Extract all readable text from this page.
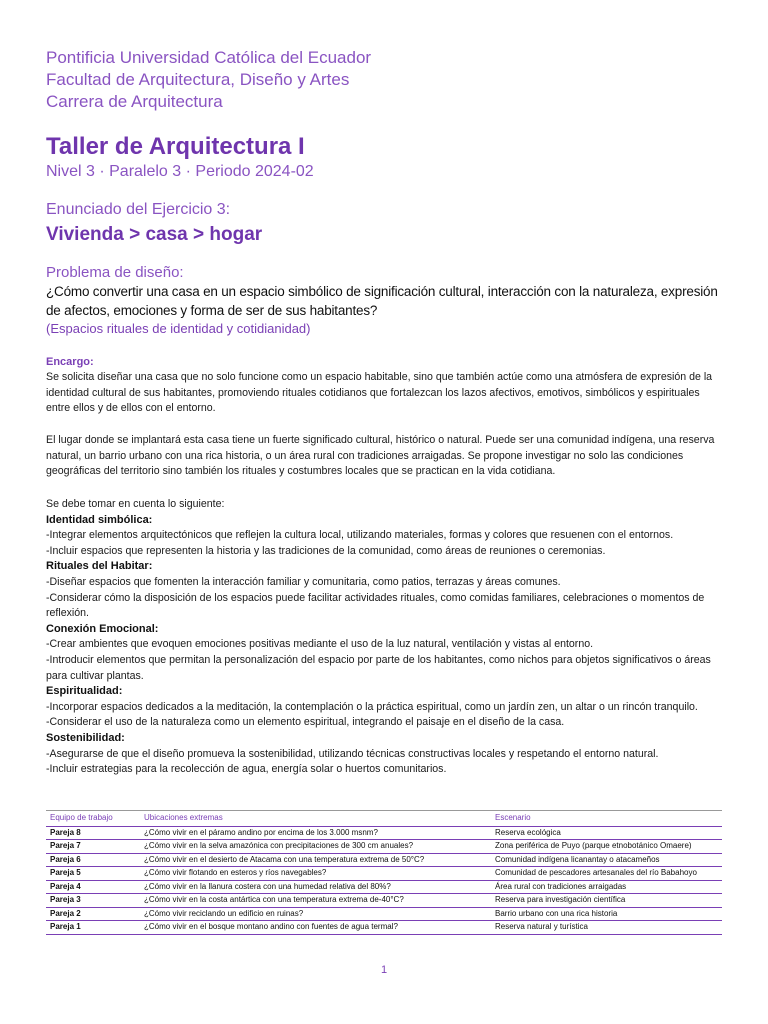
Pontificia Universidad Católica del Ecuador
Facultad de Arquitectura, Diseño y Artes
Carrera de Arquitectura
Taller de Arquitectura I
Nivel 3 · Paralelo 3 · Periodo 2024-02
Enunciado del Ejercicio 3:
Vivienda > casa > hogar
Problema de diseño:
¿Cómo convertir una casa en un espacio simbólico de significación cultural, interacción con la naturaleza, expresión de afectos, emociones y forma de ser de sus habitantes?
(Espacios rituales de identidad y cotidianidad)
Encargo:
Se solicita diseñar una casa que no solo funcione como un espacio habitable, sino que también actúe como una atmósfera de expresión de la identidad cultural de sus habitantes, promoviendo rituales cotidianos que fortalezcan los lazos afectivos, emotivos, simbólicos y espirituales entre ellos y de ellos con el entorno.
El lugar donde se implantará esta casa tiene un fuerte significado cultural, histórico o natural. Puede ser una comunidad indígena, una reserva natural, un barrio urbano con una rica historia, o un área rural con tradiciones arraigadas. Se propone investigar no solo las condiciones geográficas del territorio sino también los rituales y costumbres locales que se practican en la vida cotidiana.
Se debe tomar en cuenta lo siguiente:
Identidad simbólica:
-Integrar elementos arquitectónicos que reflejen la cultura local, utilizando materiales, formas y colores que resuenen con el entornos.
-Incluir espacios que representen la historia y las tradiciones de la comunidad, como áreas de reuniones o ceremonias.
Rituales del Habitar:
-Diseñar espacios que fomenten la interacción familiar y comunitaria, como patios, terrazas y áreas comunes.
-Considerar cómo la disposición de los espacios puede facilitar actividades rituales, como comidas familiares, celebraciones o momentos de reflexión.
Conexión Emocional:
-Crear ambientes que evoquen emociones positivas mediante el uso de la luz natural, ventilación y vistas al entorno.
-Introducir elementos que permitan la personalización del espacio por parte de los habitantes, como nichos para objetos significativos o áreas para cultivar plantas.
Espiritualidad:
-Incorporar espacios dedicados a la meditación, la contemplación o la práctica espiritual, como un jardín zen, un altar o un rincón tranquilo.
-Considerar el uso de la naturaleza como un elemento espiritual, integrando el paisaje en el diseño de la casa.
Sostenibilidad:
-Asegurarse de que el diseño promueva la sostenibilidad, utilizando técnicas constructivas locales y respetando el entorno natural.
-Incluir estrategias para la recolección de agua, energía solar o huertos comunitarios.
Equipo de trabajo	Ubicaciones extremas	Escenario
Pareja 8	¿Cómo vivir en el páramo andino por encima de los 3.000 msnm?	Reserva ecológica
Pareja 7	¿Cómo vivir en la selva amazónica con precipitaciones de 300 cm anuales?	Zona periférica de Puyo (parque etnobotánico Omaere)
Pareja 6	¿Cómo vivir en el desierto de Atacama con una temperatura extrema de 50°C?	Comunidad indígena licanantay o atacameños
Pareja 5	¿Cómo vivir flotando en esteros y ríos navegables?	Comunidad de pescadores artesanales del río Babahoyo
Pareja 4	¿Cómo vivir en la llanura costera con una humedad relativa del 80%?	Área rural con tradiciones arraigadas
Pareja 3	¿Cómo vivir en la costa antártica con una temperatura extrema de-40°C?	Reserva para investigación científica
Pareja 2	¿Cómo vivir reciclando un edificio en ruinas?	Barrio urbano con una rica historia
Pareja 1	¿Cómo vivir en el bosque montano andino con fuentes de agua termal?	Reserva natural y turística
1
